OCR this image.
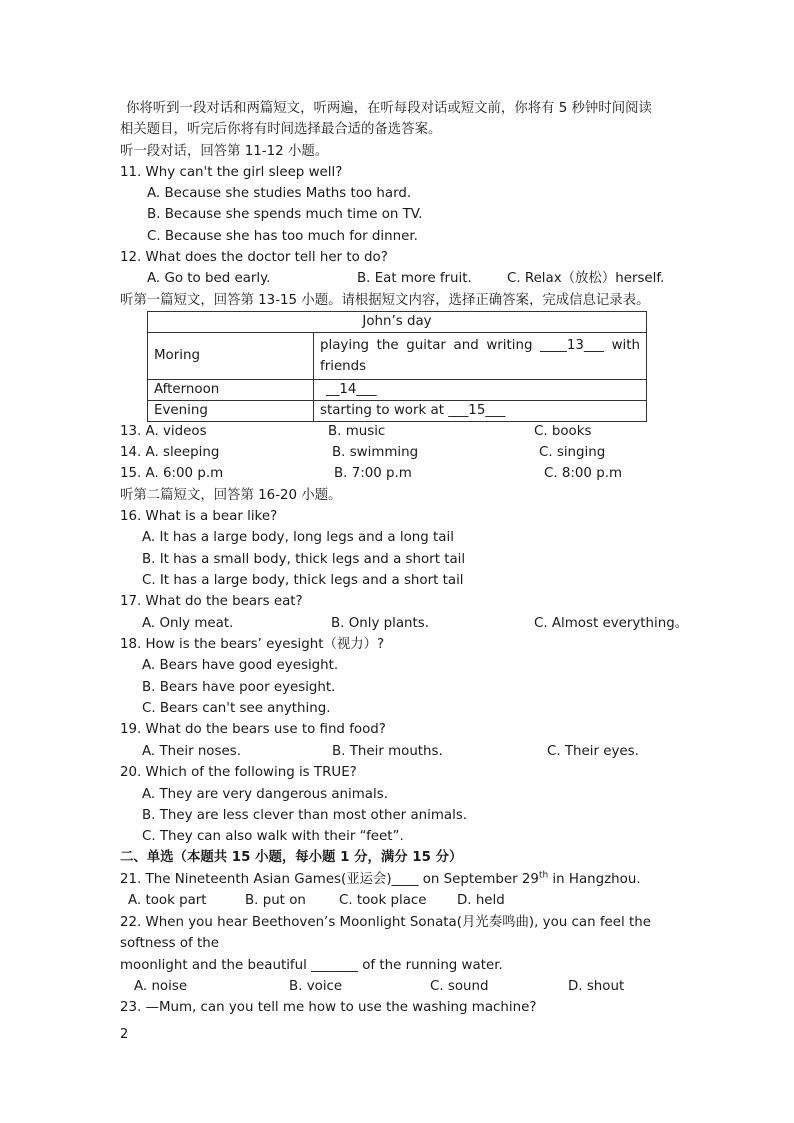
你将听到一段对话和两篇短文，听两遍，在听每段对话或短文前，你将有 5 秒钟时间阅读
相关题目，听完后你将有时间选择最合适的备选答案。
听一段对话，回答第 11-12 小题。
11. Why can't the girl sleep well?
A. Because she studies Maths too hard.
B. Because she spends much time on TV.
C. Because she has too much for dinner.
12. What does the doctor tell her to do?
A. Go to bed early.	B. Eat more fruit.	C. Relax（放松）herself.
听第一篇短文，回答第 13-15 小题。请根据短文内容，选择正确答案，完成信息记录表。
John’s day	
Moring	playing the guitar and writing ____13___ with friends
Afternoon	__14___
Evening	starting to work at ___15___
13. A. videos	B. music	C. books
14. A. sleeping	B. swimming	C. singing
15. A. 6:00 p.m	B. 7:00 p.m	C. 8:00 p.m
听第二篇短文，回答第 16-20 小题。
16. What is a bear like?
A. It has a large body, long legs and a long tail
B. It has a small body, thick legs and a short tail
C. It has a large body, thick legs and a short tail
17. What do the bears eat?
A. Only meat.	B. Only plants.	C. Almost everything。
18. How is the bears’ eyesight（视力）?
A. Bears have good eyesight.
B. Bears have poor eyesight.
C. Bears can't see anything.
19. What do the bears use to find food?
A. Their noses.	B. Their mouths.	C. Their eyes.
20. Which of the following is TRUE?
A. They are very dangerous animals.
B. They are less clever than most other animals.
C. They can also walk with their “feet”.
二、单选（本题共 15 小题，每小题 1 分，满分 15 分）
21. The Nineteenth Asian Games(亚运会)____ on September 29th in Hangzhou.
A. took part	B. put on C. took place D. held
22. When you hear Beethoven’s Moonlight Sonata(月光奏鸣曲), you can feel the
softness of the
moonlight and the beautiful _______ of the running water.
A. noise	B. voice	C. sound	D. shout
23. —Mum, can you tell me how to use the washing machine?
2
